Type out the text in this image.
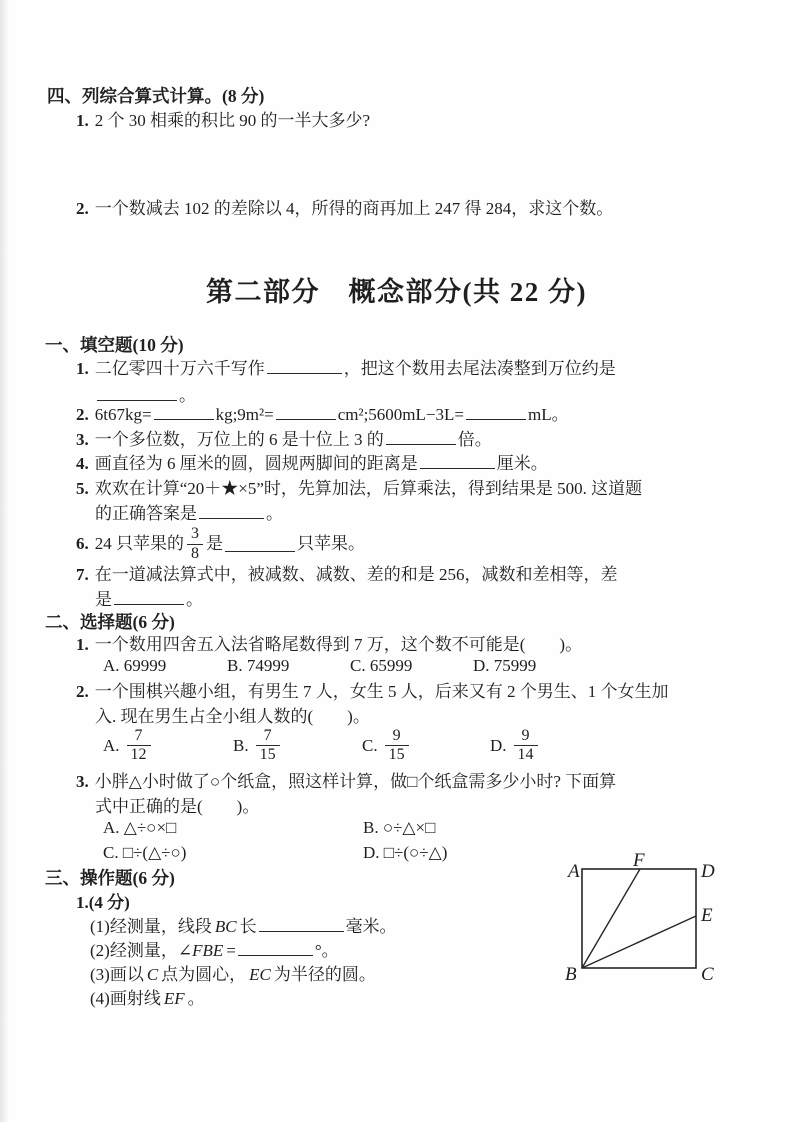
四、列综合算式计算。(8 分)
1. 2 个 30 相乘的积比 90 的一半大多少?
2. 一个数减去 102 的差除以 4，所得的商再加上 247 得 284，求这个数。
第二部分　概念部分(共 22 分)
一、填空题(10 分)
1. 二亿零四十万六千写作	，把这个数用去尾法凑整到万位约是
。
2. 6t67kg=	kg;9m²=	cm²;5600mL−3L=	mL。
3. 一个多位数，万位上的 6 是十位上 3 的	倍。
4. 画直径为 6 厘米的圆，圆规两脚间的距离是	厘米。
5. 欢欢在计算“20＋★×5”时，先算加法，后算乘法，得到结果是 500. 这道题
的正确答案是	。
6. 24 只苹果的 $\frac{3}{8}$ 是	只苹果。
7. 在一道减法算式中，被减数、减数、差的和是 256，减数和差相等，差
是	。
二、选择题(6 分)
1. 一个数用四舍五入法省略尾数得到 7 万，这个数不可能是(　　)。
A. 69999	B. 74999	C. 65999	D. 75999
2. 一个围棋兴趣小组，有男生 7 人，女生 5 人，后来又有 2 个男生、1 个女生加
入. 现在男生占全小组人数的(　　)。
A. $\frac{7}{12}$	B. $\frac{7}{15}$	C. $\frac{9}{15}$	D. $\frac{9}{14}$
3. 小胖△小时做了○个纸盒，照这样计算，做□个纸盒需多少小时? 下面算
式中正确的是(　　)。
A. △÷○×□	B. ○÷△×□
C. □÷(△÷○)	D. □÷(○÷△)
三、操作题(6 分)
1.(4 分)
(1)经测量，线段 BC 长	毫米。
(2)经测量，∠FBE =	°。
(3)画以 C 点为圆心， EC 为半径的圆。
(4)画射线 EF 。
A
F
D
E
B	C
